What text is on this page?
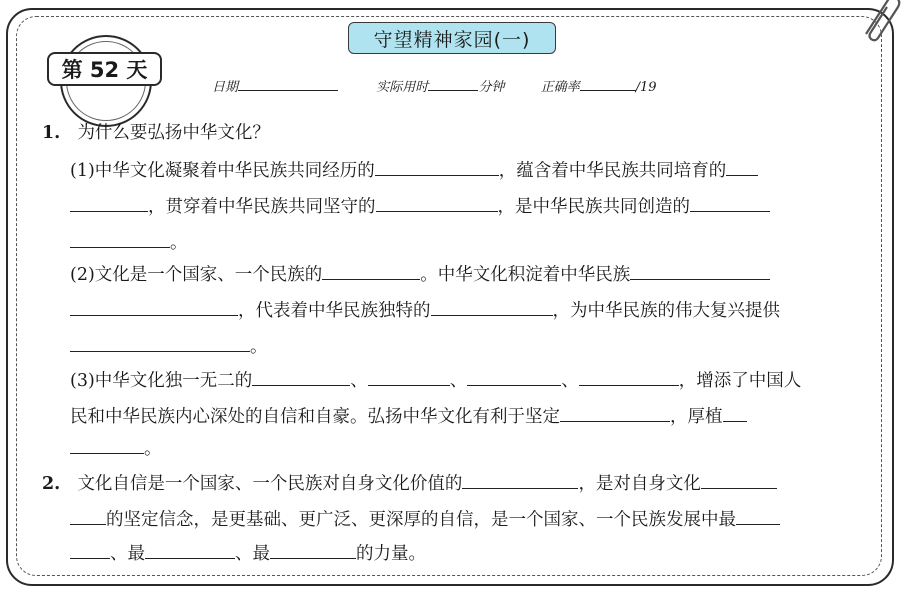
守望精神家园(一)
第 52 天
日期	实际用时	分钟	正确率	/19
1. 为什么要弘扬中华文化？
(1)中华文化凝聚着中华民族共同经历的	，蕴含着中华民族共同培育的
，贯穿着中华民族共同坚守的	，是中华民族共同创造的
。
(2)文化是一个国家、一个民族的	。中华文化积淀着中华民族
，代表着中华民族独特的	，为中华民族的伟大复兴提供
。
(3)中华文化独一无二的	、	、	、	，增添了中国人
民和中华民族内心深处的自信和自豪。弘扬中华文化有利于坚定	，厚植
。
2. 文化自信是一个国家、一个民族对自身文化价值的	，是对自身文化
的坚定信念，是更基础、更广泛、更深厚的自信，是一个国家、一个民族发展中最
、最	、最	的力量。
